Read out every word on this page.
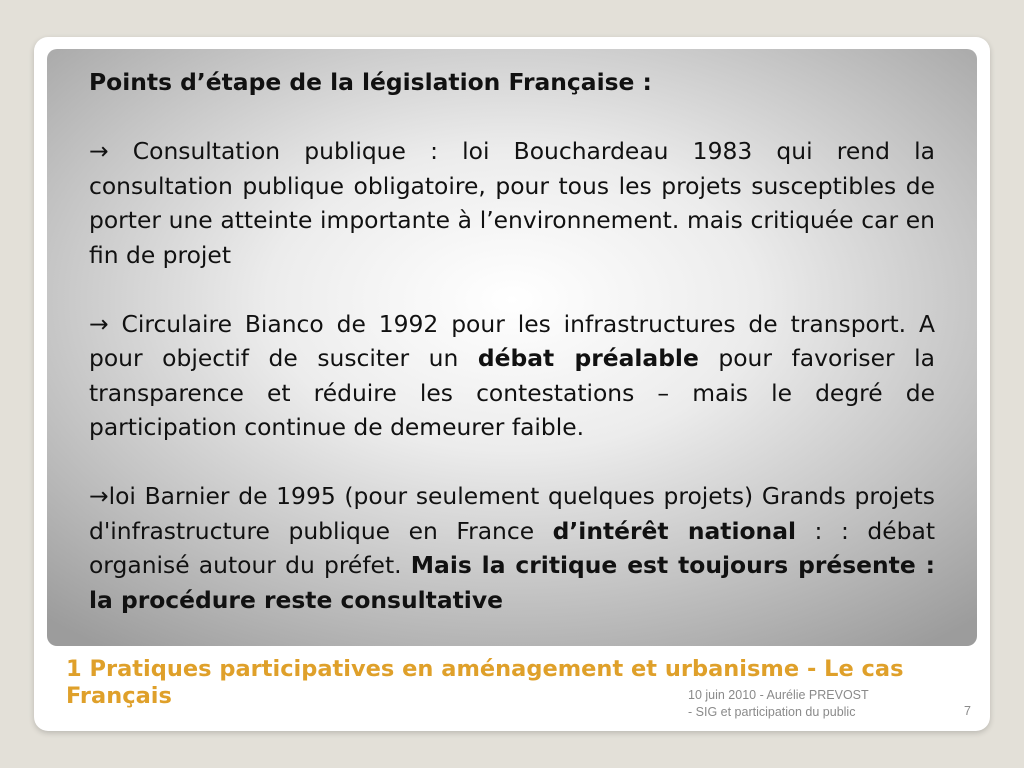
Points d’étape de la législation Française :

→ Consultation publique : loi Bouchardeau 1983 qui rend la consultation publique obligatoire, pour tous les projets susceptibles de porter une atteinte importante à l’environnement. mais critiquée car en fin de projet

→ Circulaire Bianco de 1992 pour les infrastructures de transport. A pour objectif de susciter un débat préalable pour favoriser la transparence et réduire les contestations – mais le degré de participation continue de demeurer faible.

→loi Barnier de 1995 (pour seulement quelques projets) Grands projets d'infrastructure publique en France d’intérêt national : : débat organisé autour du préfet. Mais la critique est toujours présente : la procédure reste consultative

1 Pratiques participatives en aménagement et urbanisme - Le cas Français	10 juin 2010 - Aurélie PREVOST
- SIG et participation du public	7
